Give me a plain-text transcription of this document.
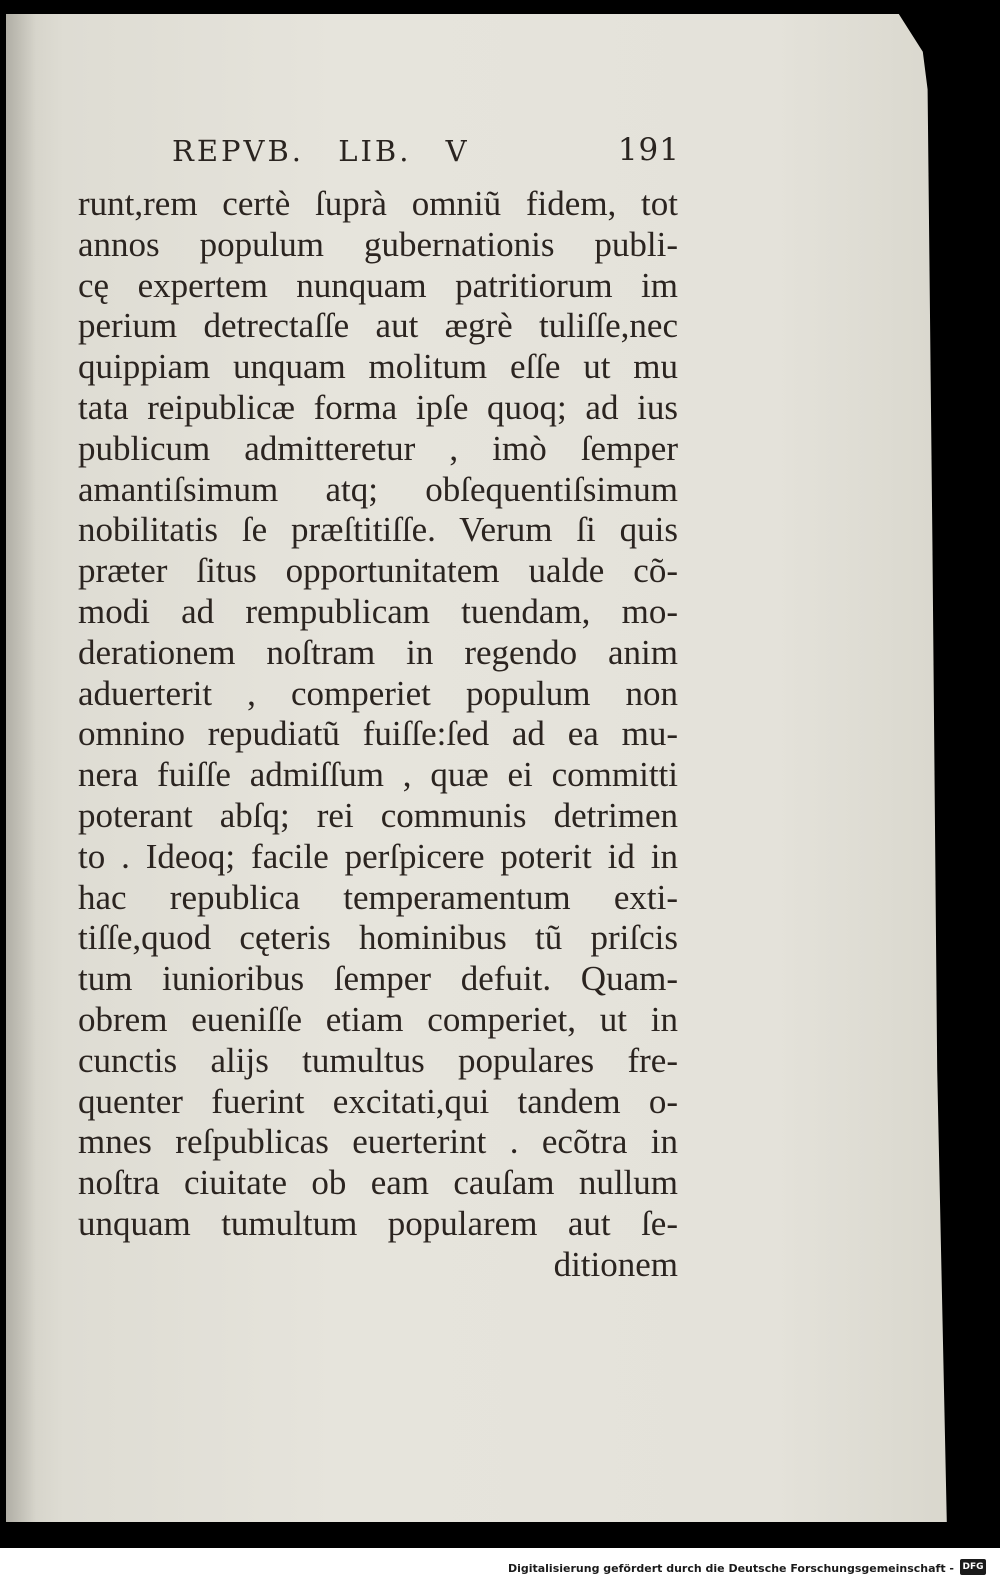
REPVB. LIB. V	191
runt,rem certè ſuprà omniũ fidem, tot
annos populum gubernationis publi-
cę expertem nunquam patritiorum im
perium detrectaſſe aut ægrè tuliſſe,nec
quippiam unquam molitum eſſe ut mu
tata reipublicæ forma ipſe quoq; ad ius
publicum admitteretur , imò ſemper
amantiſsimum atq; obſequentiſsimum
nobilitatis ſe præſtitiſſe. Verum ſi quis
præter ſitus opportunitatem ualde cõ-
modi ad rempublicam tuendam, mo-
derationem noſtram in regendo anim
aduerterit , comperiet populum non
omnino repudiatũ fuiſſe:ſed ad ea mu-
nera fuiſſe admiſſum , quæ ei committi
poterant abſq; rei communis detrimen
to . Ideoq; facile perſpicere poterit id in
hac republica temperamentum exti-
tiſſe,quod cęteris hominibus tũ priſcis
tum iunioribus ſemper defuit. Quam-
obrem eueniſſe etiam comperiet, ut in
cunctis alijs tumultus populares fre-
quenter fuerint excitati,qui tandem o-
mnes reſpublicas euerterint . ecõtra in
noſtra ciuitate ob eam cauſam nullum
unquam tumultum popularem aut ſe-
ditionem
Digitalisierung gefördert durch die Deutsche Forschungsgemeinschaft - DFG
